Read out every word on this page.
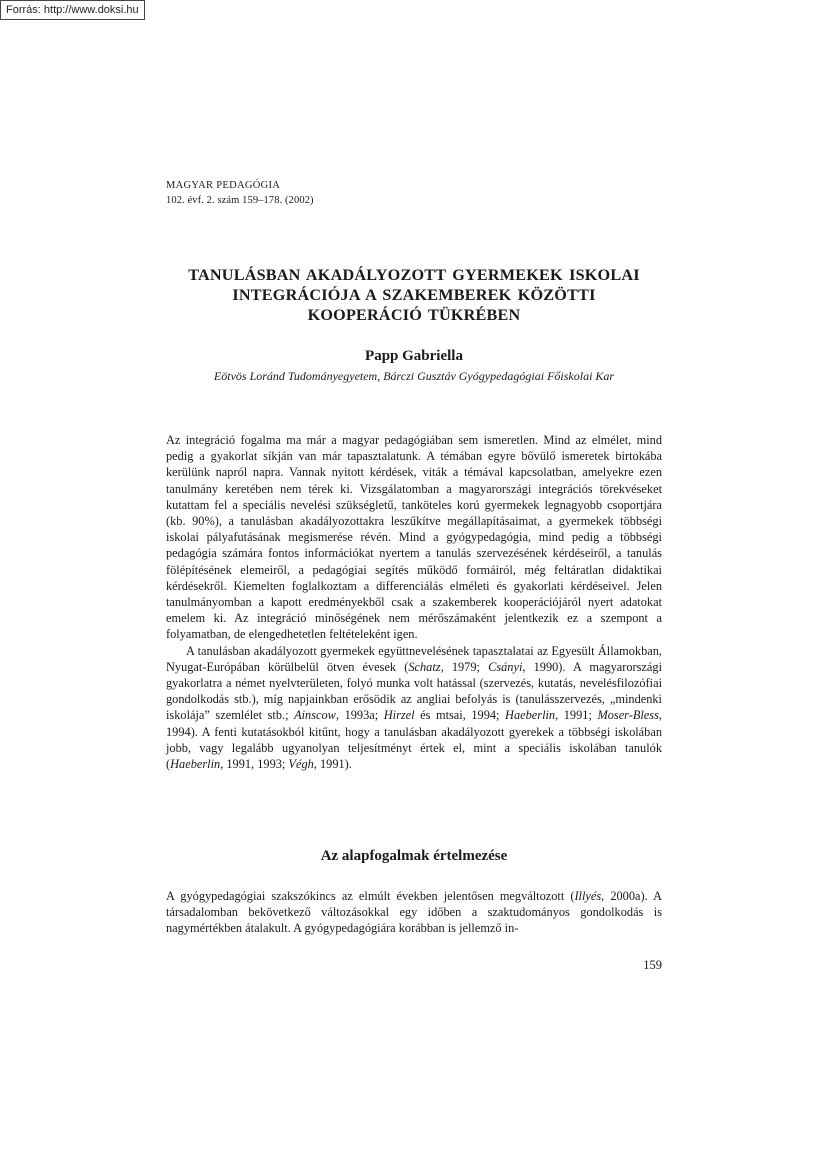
Forrás: http://www.doksi.hu
MAGYAR PEDAGÓGIA
102. évf. 2. szám 159–178. (2002)
TANULÁSBAN AKADÁLYOZOTT GYERMEKEK ISKOLAI
INTEGRÁCIÓJA A SZAKEMBEREK KÖZÖTTI
KOOPERÁCIÓ TÜKRÉBEN
Papp Gabriella

Eötvös Loránd Tudományegyetem, Bárczi Gusztáv Gyógypedagógiai Főiskolai Kar

Az integráció fogalma ma már a magyar pedagógiában sem ismeretlen. Mind az elmélet, mind pedig a gyakorlat síkján van már tapasztalatunk. A témában egyre bővülő ismeretek birtokába kerülünk napról napra. Vannak nyitott kérdések, viták a témával kapcsolatban, amelyekre ezen tanulmány keretében nem térek ki. Vizsgálatomban a magyarországi integrációs törekvéseket kutattam fel a speciális nevelési szükségletű, tanköteles korú gyermekek legnagyobb csoportjára (kb. 90%), a tanulásban akadályozottakra leszűkítve megállapításaimat, a gyermekek többségi iskolai pályafutásának megismerése révén. Mind a gyógypedagógia, mind pedig a többségi pedagógia számára fontos információkat nyertem a tanulás szervezésének kérdéseiről, a tanulás fölépítésének elemeiről, a pedagógiai segítés működő formáiról, még feltáratlan didaktikai kérdésekről. Kiemelten foglalkoztam a differenciálás elméleti és gyakorlati kérdéseivel. Jelen tanulmányomban a kapott eredményekből csak a szakemberek kooperációjáról nyert adatokat emelem ki. Az integráció minőségének nem mérőszámaként jelentkezik ez a szempont a folyamatban, de elengedhetetlen feltételeként igen.

A tanulásban akadályozott gyermekek együttnevelésének tapasztalatai az Egyesült Államokban, Nyugat-Európában körülbelül ötven évesek (Schatz, 1979; Csányi, 1990). A magyarországi gyakorlatra a német nyelvterületen, folyó munka volt hatással (szervezés, kutatás, nevelésfilozófiai gondolkodás stb.), míg napjainkban erősödik az angliai befolyás is (tanulásszervezés, „mindenki iskolája” szemlélet stb.; Ainscow, 1993a; Hirzel és mtsai, 1994; Haeberlin, 1991; Moser-Bless, 1994). A fenti kutatásokból kitűnt, hogy a tanulásban akadályozott gyerekek a többségi iskolában jobb, vagy legalább ugyanolyan teljesítményt értek el, mint a speciális iskolában tanulók (Haeberlin, 1991, 1993; Végh, 1991).

Az alapfogalmak értelmezése

A gyógypedagógiai szakszókincs az elmúlt években jelentősen megváltozott (Illyés, 2000a). A társadalomban bekövetkező változásokkal egy időben a szaktudományos gondolkodás is nagymértékben átalakult. A gyógypedagógiára korábban is jellemző in-

159
